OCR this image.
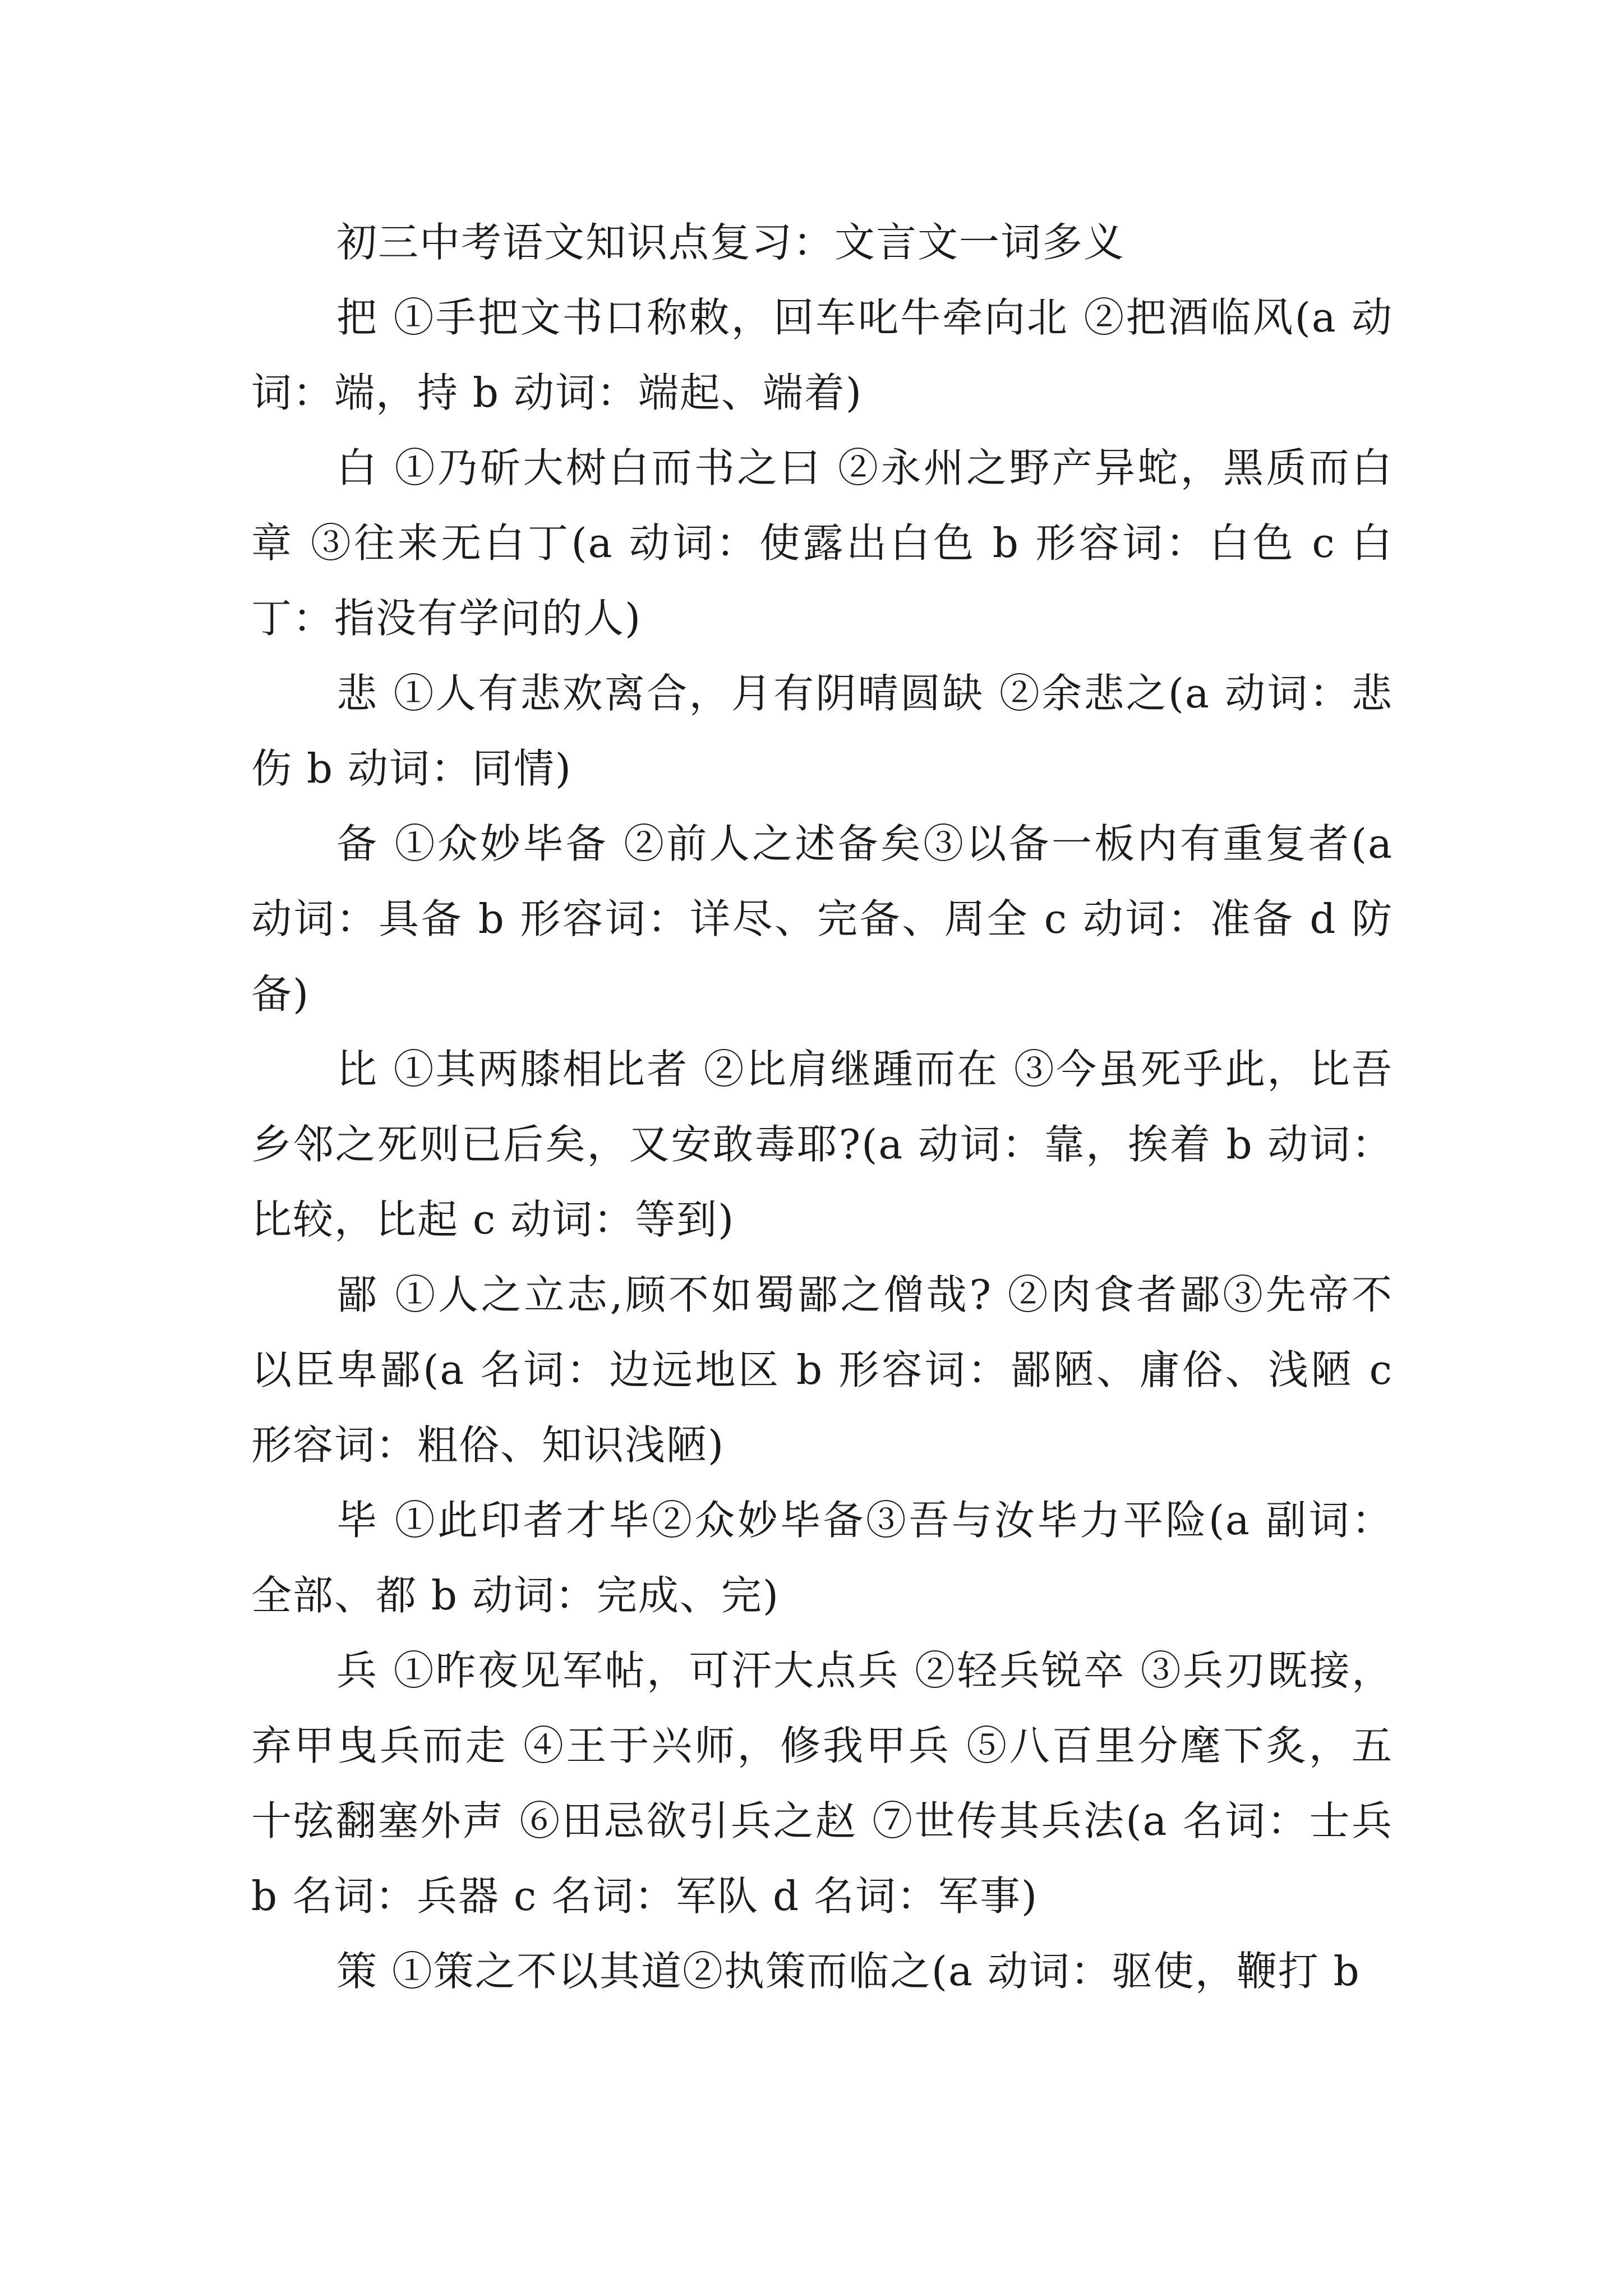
初三中考语文知识点复习：文言文一词多义

把 ①手把文书口称敕，回车叱牛牵向北 ②把酒临风(a 动词：端，持 b 动词：端起、端着)

白 ①乃斫大树白而书之曰 ②永州之野产异蛇，黑质而白章 ③往来无白丁(a 动词：使露出白色 b 形容词：白色 c 白丁：指没有学问的人)

悲 ①人有悲欢离合，月有阴晴圆缺 ②余悲之(a 动词：悲伤 b 动词：同情)

备 ①众妙毕备 ②前人之述备矣③以备一板内有重复者(a 动词：具备 b 形容词：详尽、完备、周全 c 动词：准备 d 防备)

比 ①其两膝相比者 ②比肩继踵而在 ③今虽死乎此，比吾乡邻之死则已后矣，又安敢毒耶?(a 动词：靠，挨着 b 动词：比较，比起 c 动词：等到)

鄙 ①人之立志,顾不如蜀鄙之僧哉? ②肉食者鄙③先帝不以臣卑鄙(a 名词：边远地区 b 形容词：鄙陋、庸俗、浅陋 c 形容词：粗俗、知识浅陋)

毕 ①此印者才毕②众妙毕备③吾与汝毕力平险(a 副词：全部、都 b 动词：完成、完)

兵 ①昨夜见军帖，可汗大点兵 ②轻兵锐卒 ③兵刃既接，弃甲曳兵而走 ④王于兴师，修我甲兵 ⑤八百里分麾下炙，五十弦翻塞外声 ⑥田忌欲引兵之赵 ⑦世传其兵法(a 名词：士兵 b 名词：兵器 c 名词：军队 d 名词：军事)

策 ①策之不以其道②执策而临之(a 动词：驱使，鞭打 b
